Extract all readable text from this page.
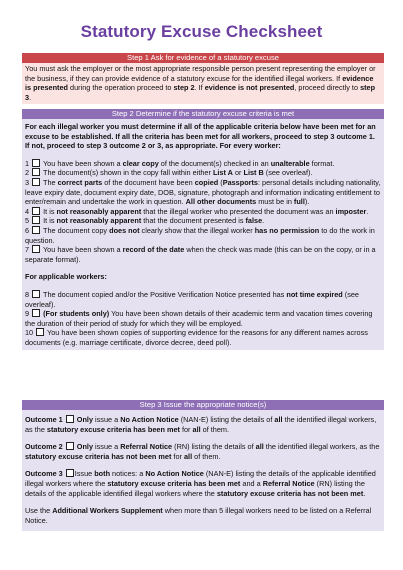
Statutory Excuse Checksheet
Step 1 Ask for evidence of a statutory excuse

You must ask the employer or the most appropriate responsible person present representing the employer or the business, if they can provide evidence of a statutory excuse for the identified illegal workers. If evidence is presented during the operation proceed to step 2. If evidence is not presented, proceed directly to step 3.

Step 2 Determine if the statutory excuse criteria is met

For each illegal worker you must determine if all of the applicable criteria below have been met for an excuse to be established. If all the criteria has been met for all workers, proceed to step 3 outcome 1. If not, proceed to step 3 outcome 2 or 3, as appropriate. For every worker:

1  You have been shown a clear copy of the document(s) checked in an unalterable format.

2  The document(s) shown in the copy fall within either List A or List B (see overleaf).

3  The correct parts of the document have been copied (Passports: personal details including nationality, leave expiry date, document expiry date, DOB, signature, photograph and information indicating entitlement to enter/remain and undertake the work in question. All other documents must be in full).

4  It is not reasonably apparent that the illegal worker who presented the document was an imposter.

5  It is not reasonably apparent that the document presented is false.

6  The document copy does not clearly show that the illegal worker has no permission to do the work in question.

7  You have been shown a record of the date when the check was made (this can be on the copy, or in a separate format).

For applicable workers:

8  The document copied and/or the Positive Verification Notice presented has not time expired (see overleaf).

9 (For students only) You have been shown details of their academic term and vacation times covering the duration of their period of study for which they will be employed.

10  You have been shown copies of supporting evidence for the reasons for any different names across documents (e.g. marriage certificate, divorce decree, deed poll).

Step 3 Issue the appropriate notice(s)

Outcome 1 Only issue a No Action Notice (NAN-E) listing the details of all the identified illegal workers, as the statutory excuse criteria has been met for all of them.

Outcome 2 Only issue a Referral Notice (RN) listing the details of all the identified illegal workers, as the statutory excuse criteria has not been met for all of them.

Outcome 3 Issue both notices: a No Action Notice (NAN-E) listing the details of the applicable identified illegal workers where the statutory excuse criteria has been met and a Referral Notice (RN) listing the details of the applicable identified illegal workers where the statutory excuse criteria has not been met.

Use the Additional Workers Supplement when more than 5 illegal workers need to be listed on a Referral Notice.
